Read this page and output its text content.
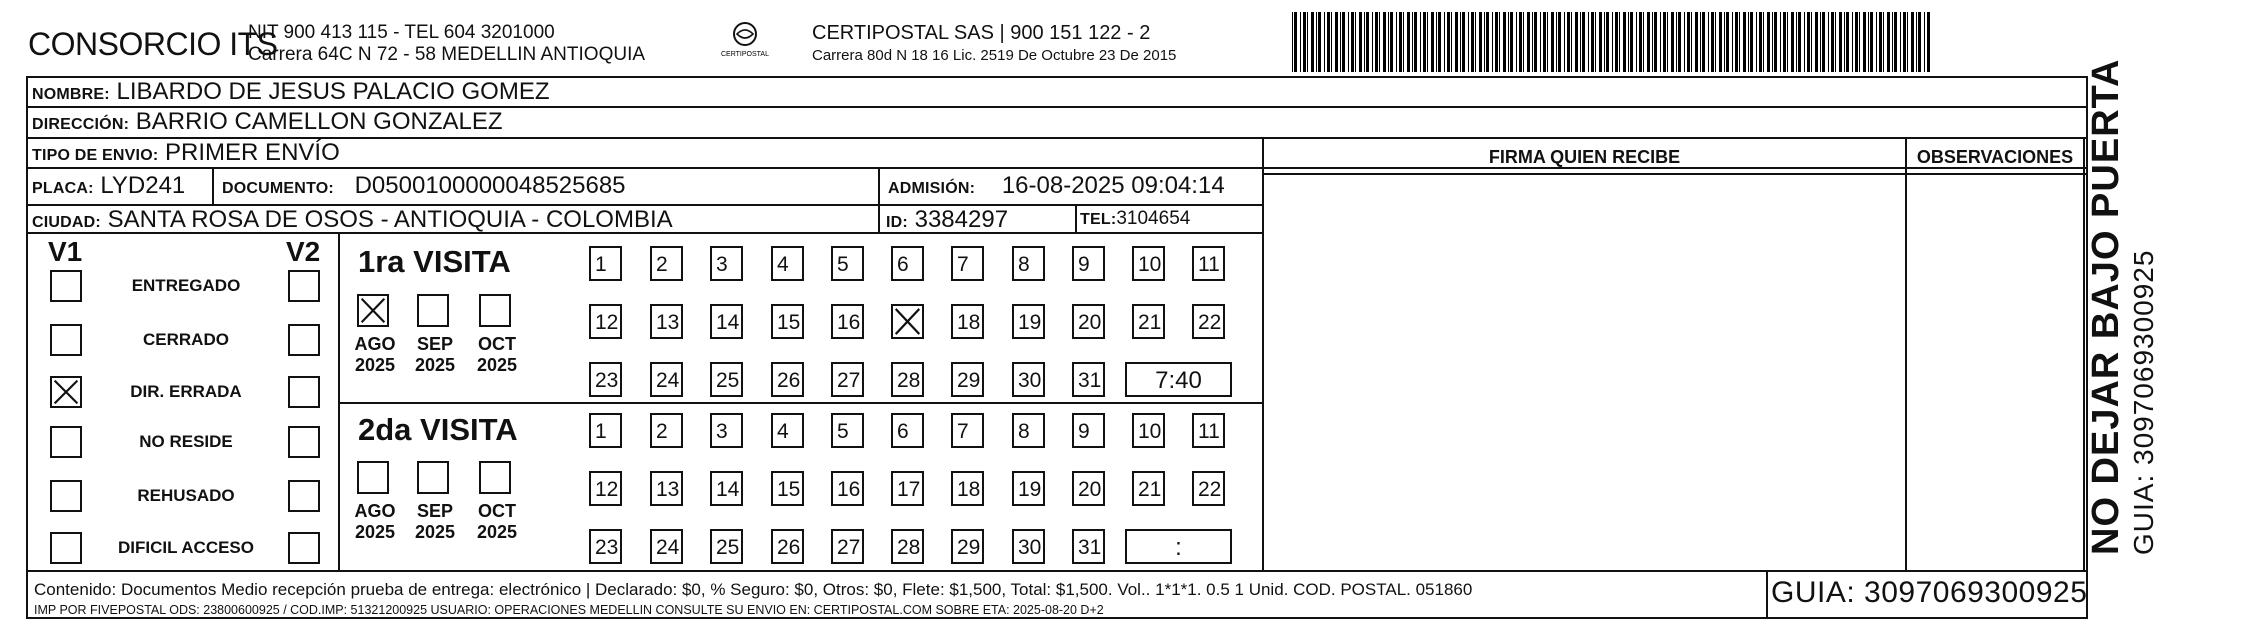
CONSORCIO ITS
NIT 900 413 115 - TEL 604 3201000
Carrera 64C N 72 - 58 MEDELLIN ANTIOQUIA	CERTIPOSTAL
CERTIPOSTAL SAS | 900 151 122 - 2
Carrera 80d N 18 16 Lic. 2519 De Octubre 23 De 2015
NOMBRE: LIBARDO DE JESUS PALACIO GOMEZ
DIRECCIÓN: BARRIO CAMELLON GONZALEZ
TIPO DE ENVIO: PRIMER ENVÍO	FIRMA QUIEN RECIBE	OBSERVACIONES
PLACA: LYD241 DOCUMENTO: D0500100000048525685	ADMISIÓN: 16-08-2025 09:04:14
CIUDAD: SANTA ROSA DE OSOS - ANTIOQUIA - COLOMBIA	ID: 3384297	TEL:3104654
V1	V2
ENTREGADO
CERRADO
DIR. ERRADA
NO RESIDE
REHUSADO
DIFICIL ACCESO
1ra VISITA
2da VISITA
AGO
2025
SEP
2025
OCT
2025
1	2	3	4	5	6	7	8	9	10 11
12 13 14 15 16	18 19 20 21 22
23 24 25 26 27 28 29 30 31	7:40
AGO
2025
SEP
2025
OCT
2025
1	2	3	4	5	6	7	8	9	10 11
12 13 14 15 16 17 18 19 20 21 22
23 24 25 26 27 28 29 30 31	:	NO DEJAR BAJO PUERTA GUIA: 3097069300925
Contenido: Documentos Medio recepción prueba de entrega: electrónico | Declarado: $0, % Seguro: $0, Otros: $0, Flete: $1,500, Total: $1,500. Vol.. 1*1*1. 0.5 1 Unid. COD. POSTAL. 051860
IMP POR FIVEPOSTAL ODS: 23800600925 / COD.IMP: 51321200925 USUARIO: OPERACIONES MEDELLIN CONSULTE SU ENVIO EN: CERTIPOSTAL.COM SOBRE ETA: 2025-08-20 D+2
GUIA: 3097069300925
